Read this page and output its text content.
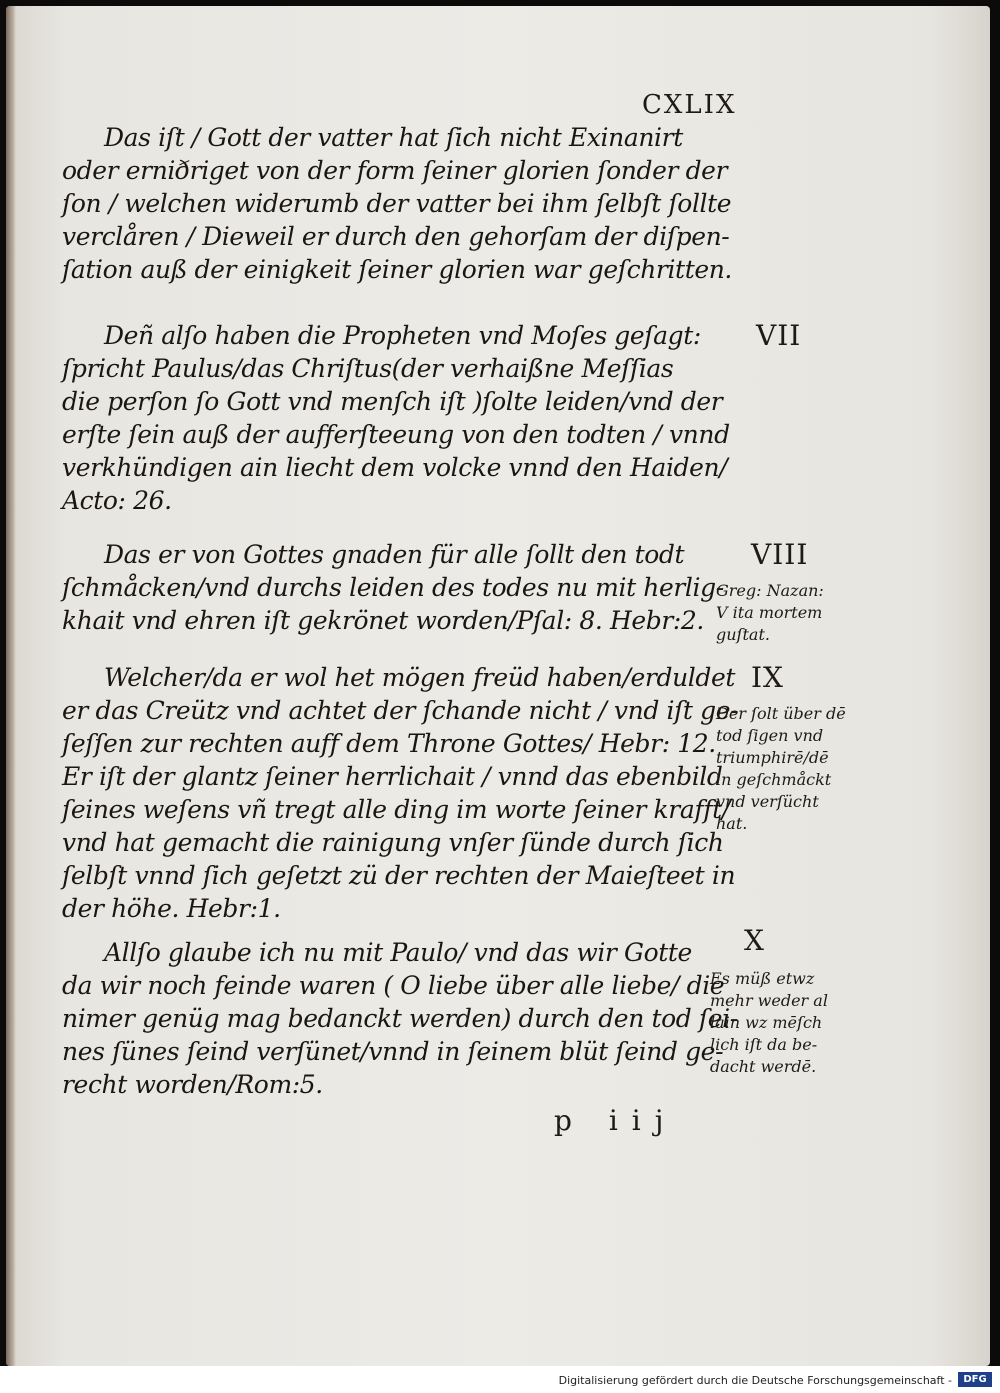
CXLIX
Das iſt / Gott der vatter hat ſich nicht Exinanirt
oder erniðriget von der form ſeiner glorien ſonder der
ſon / welchen widerumb der vatter bei ihm ſelbſt ſollte
verclåren / Dieweil er durch den gehorſam der diſpen‑
ſation auß der einigkeit ſeiner glorien war geſchritten.
Deñ alſo haben die Propheten vnd Moſes geſagt:
ſpricht Paulus/das Chriſtus(der verhaißne Meſſias
die perſon ſo Gott vnd menſch iſt )ſolte leiden/vnd der
erſte ſein auß der aufferſteeung von den todten / vnnd
verkhündigen ain liecht dem volcke vnnd den Haiden/
Acto: 26.
VII
Das er von Gottes gnaden für alle ſollt den todt
ſchmåcken/vnd durchs leiden des todes nu mit herlig‑
khait vnd ehren iſt gekrönet worden/Pſal: 8. Hebr:2.
VIII
Greg: Nazan:
V ita mortem
guſtat.
Welcher/da er wol het mögen freüd haben/erduldet
er das Creütz vnd achtet der ſchande nicht / vnd iſt ge‑
ſeſſen zur rechten auff dem Throne Gottes/ Hebr: 12.
Er iſt der glantz ſeiner herrlichait / vnnd das ebenbild
ſeines weſens vñ tregt alle ding im worte ſeiner krafft/
vnd hat gemacht die rainigung vnſer ſünde durch ſich
ſelbſt vnnd ſich geſetzt zü der rechten der Maieſteet in
der höhe. Hebr:1.
IX
Der ſolt über dē
tod ſigen vnd
triumphirē/dē
in geſchmåckt
vnd verſücht
hat.
Allſo glaube ich nu mit Paulo/ vnd das wir Gotte
da wir noch feinde waren ( O liebe über alle liebe/ die
nimer genüg mag bedanckt werden) durch den tod ſei‑
nes ſünes ſeind verſünet/vnnd in ſeinem blüt ſeind ge‑
recht worden/Rom:5.
X
Es müß etwz
mehr weder al
lain wz mēſch
lich iſt da be‑
dacht werdē.
p iij
Digitalisierung gefördert durch die Deutsche Forschungsgemeinschaft -	DFG
